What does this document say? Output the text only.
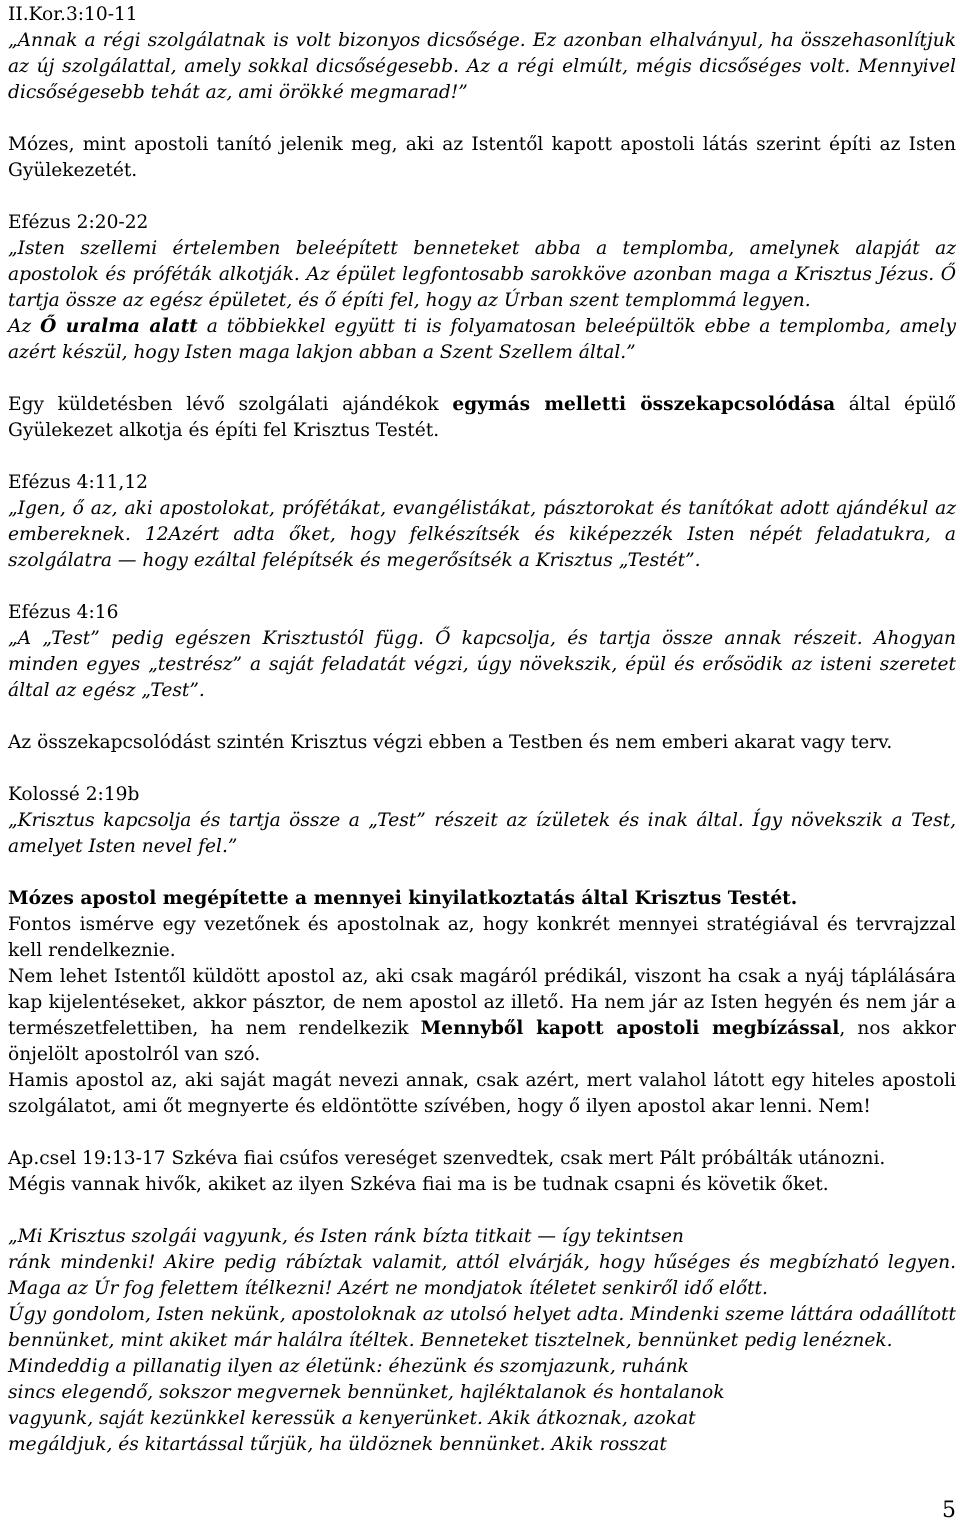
II.Kor.3:10-11

„Annak a régi szolgálatnak is volt bizonyos dicsősége. Ez azonban elhalványul, ha összehasonlítjuk az új szolgálattal, amely sokkal dicsőségesebb. Az a régi elmúlt, mégis dicsőséges volt. Mennyivel dicsőségesebb tehát az, ami örökké megmarad!”

Mózes, mint apostoli tanító jelenik meg, aki az Istentől kapott apostoli látás szerint építi az Isten Gyülekezetét.

Efézus 2:20-22

„Isten szellemi értelemben beleépített benneteket abba a templomba, amelynek alapját az apostolok és próféták alkotják. Az épület legfontosabb sarokköve azonban maga a Krisztus Jézus. Ő tartja össze az egész épületet, és ő építi fel, hogy az Úrban szent templommá legyen.

Az Ő uralma alatt a többiekkel együtt ti is folyamatosan beleépültök ebbe a templomba, amely azért készül, hogy Isten maga lakjon abban a Szent Szellem által.”

Egy küldetésben lévő szolgálati ajándékok egymás melletti összekapcsolódása által épülő Gyülekezet alkotja és építi fel Krisztus Testét.

Efézus 4:11,12

„Igen, ő az, aki apostolokat, prófétákat, evangélistákat, pásztorokat és tanítókat adott ajándékul az embereknek. 12Azért adta őket, hogy felkészítsék és kiképezzék Isten népét feladatukra, a szolgálatra — hogy ezáltal felépítsék és megerősítsék a Krisztus „Testét”.

Efézus 4:16

„A „Test” pedig egészen Krisztustól függ. Ő kapcsolja, és tartja össze annak részeit. Ahogyan minden egyes „testrész” a saját feladatát végzi, úgy növekszik, épül és erősödik az isteni szeretet által az egész „Test”.

Az összekapcsolódást szintén Krisztus végzi ebben a Testben és nem emberi akarat vagy terv.

Kolossé 2:19b

„Krisztus kapcsolja és tartja össze a „Test” részeit az ízületek és inak által. Így növekszik a Test, amelyet Isten nevel fel.”

Mózes apostol megépítette a mennyei kinyilatkoztatás által Krisztus Testét.

Fontos ismérve egy vezetőnek és apostolnak az, hogy konkrét mennyei stratégiával és tervrajzzal kell rendelkeznie.

Nem lehet Istentől küldött apostol az, aki csak magáról prédikál, viszont ha csak a nyáj táplálására kap kijelentéseket, akkor pásztor, de nem apostol az illető. Ha nem jár az Isten hegyén és nem jár a természetfelettiben, ha nem rendelkezik Mennyből kapott apostoli megbízással, nos akkor önjelölt apostolról van szó.

Hamis apostol az, aki saját magát nevezi annak, csak azért, mert valahol látott egy hiteles apostoli szolgálatot, ami őt megnyerte és eldöntötte szívében, hogy ő ilyen apostol akar lenni. Nem!

Ap.csel 19:13-17 Szkéva fiai csúfos vereséget szenvedtek, csak mert Pált próbálták utánozni.

Mégis vannak hivők, akiket az ilyen Szkéva fiai ma is be tudnak csapni és követik őket.

„Mi Krisztus szolgái vagyunk, és Isten ránk bízta titkait — így tekintsen

ránk mindenki! Akire pedig rábíztak valamit, attól elvárják, hogy hűséges és megbízható legyen. Maga az Úr fog felettem ítélkezni! Azért ne mondjatok ítéletet senkiről idő előtt.

Úgy gondolom, Isten nekünk, apostoloknak az utolsó helyet adta. Mindenki szeme láttára odaállított bennünket, mint akiket már halálra ítéltek. Benneteket tisztelnek, bennünket pedig lenéznek.

Mindeddig a pillanatig ilyen az életünk: éhezünk és szomjazunk, ruhánk

sincs elegendő, sokszor megvernek bennünket, hajléktalanok és hontalanok

vagyunk, saját kezünkkel keressük a kenyerünket. Akik átkoznak, azokat

megáldjuk, és kitartással tűrjük, ha üldöznek bennünket. Akik rosszat

5
